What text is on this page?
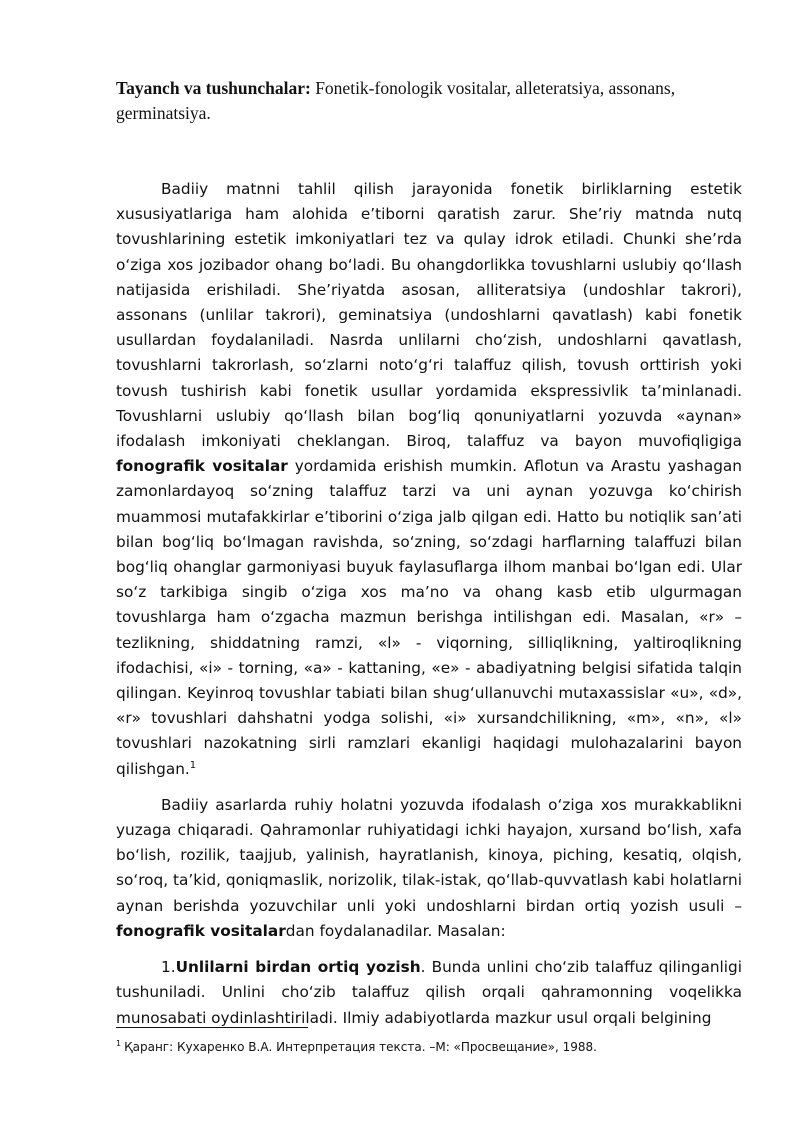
Tayanch va tushunchalar: Fonetik-fonologik vositalar, alleteratsiya, assonans, germinatsiya.

Badiiy matnni tahlil qilish jarayonida fonetik birliklarning estetik xususiyatlariga ham alohida e’tiborni qaratish zarur. She’riy matnda nutq tovushlarining estetik imkoniyatlari tez va qulay idrok etiladi. Chunki she’rda o‘ziga xos jozibador ohang bo‘ladi. Bu ohangdorlikka tovushlarni uslubiy qo‘llash natijasida erishiladi. She’riyatda asosan, alliteratsiya (undoshlar takrori), assonans (unlilar takrori), geminatsiya (undoshlarni qavatlash) kabi fonetik usullardan foydalaniladi. Nasrda unlilarni cho‘zish, undoshlarni qavatlash, tovushlarni takrorlash, so‘zlarni noto‘g‘ri talaffuz qilish, tovush orttirish yoki tovush tushirish kabi fonetik usullar yordamida ekspressivlik ta’minlanadi. Tovushlarni uslubiy qo‘llash bilan bog‘liq qonuniyatlarni yozuvda «aynan» ifodalash imkoniyati cheklangan. Biroq, talaffuz va bayon muvofiqligiga fonografik vositalar yordamida erishish mumkin. Aflotun va Arastu yashagan zamonlardayoq so‘zning talaffuz tarzi va uni aynan yozuvga ko‘chirish muammosi mutafakkirlar e’tiborini o‘ziga jalb qilgan edi. Hatto bu notiqlik san’ati bilan bog‘liq bo‘lmagan ravishda, so‘zning, so‘zdagi harflarning talaffuzi bilan bog‘liq ohanglar garmoniyasi buyuk faylasuflarga ilhom manbai bo‘lgan edi. Ular so‘z tarkibiga singib o‘ziga xos ma’no va ohang kasb etib ulgurmagan tovushlarga ham o‘zgacha mazmun berishga intilishgan edi. Masalan, «r» – tezlikning, shiddatning ramzi, «l» - viqorning, silliqlikning, yaltiroqlikning ifodachisi, «i» - torning, «a» - kattaning, «e» - abadiyatning belgisi sifatida talqin qilingan. Keyinroq tovushlar tabiati bilan shug‘ullanuvchi mutaxassislar «u», «d», «r» tovushlari dahshatni yodga solishi, «i» xursandchilikning, «m», «n», «l» tovushlari nazokatning sirli ramzlari ekanligi haqidagi mulohazalarini bayon qilishgan.$^1$

Badiiy asarlarda ruhiy holatni yozuvda ifodalash o‘ziga xos murakkablikni yuzaga chiqaradi. Qahramonlar ruhiyatidagi ichki hayajon, xursand bo‘lish, xafa bo‘lish, rozilik, taajjub, yalinish, hayratlanish, kinoya, piching, kesatiq, olqish, so‘roq, ta’kid, qoniqmaslik, norizolik, tilak-istak, qo‘llab-quvvatlash kabi holatlarni aynan berishda yozuvchilar unli yoki undoshlarni birdan ortiq yozish usuli – fonografik vositalardan foydalanadilar. Masalan:

1.Unlilarni birdan ortiq yozish. Bunda unlini cho‘zib talaffuz qilinganligi tushuniladi. Unlini cho‘zib talaffuz qilish orqali qahramonning voqelikka munosabati oydinlashtiriladi. Ilmiy adabiyotlarda mazkur usul orqali belgining

$^1$ Қаранг: Кухаренко В.А. Интерпретация текста. –М: «Просвещание», 1988.
